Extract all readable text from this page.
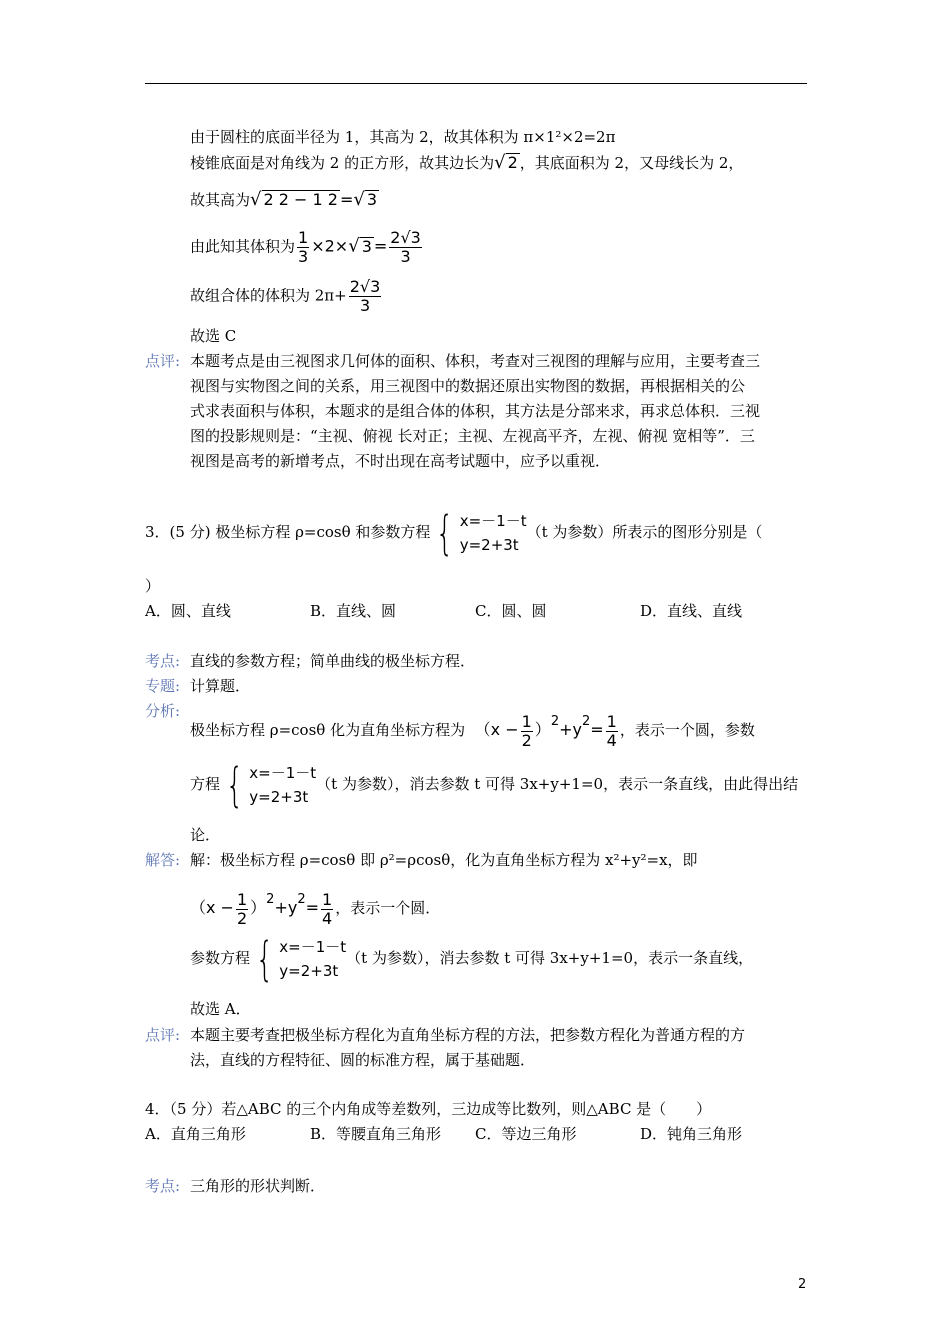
由于圆柱的底面半径为 1，其高为 2，故其体积为 π×1²×2=2π
棱锥底面是对角线为 2 的正方形，故其边长为√ 2 ，其底面积为 2，又母线长为 2，
故其高为√ 2 2 − 1 2 =√ 3
由此知其体积为 $\frac{1}{3} \times 2\times√$ $3 = \frac{2√3}{3}$
故组合体的体积为 $2\pi+ \frac{2√3}{3}$
故选 C
点评: 本题考点是由三视图求几何体的面积、体积，考查对三视图的理解与应用，主要考查三
视图与实物图之间的关系，用三视图中的数据还原出实物图的数据，再根据相关的公
式求表面积与体积，本题求的是组合体的体积，其方法是分部来求，再求总体积．三视
图的投影规则是：“主视、俯视 长对正；主视、左视高平齐，左视、俯视 宽相等”．三
视图是高考的新增考点，不时出现在高考试题中，应予以重视．
3．(5 分) 极坐标方程 ρ=cosθ 和参数方程 { x=－1－t
y=2+3t
（t 为参数）所表示的图形分别是（
）
A．圆、直线	B．直线、圆	C．圆、圆	D．直线、直线
考点: 直线的参数方程；简单曲线的极坐标方程．
专题: 计算题．
分析:
极坐标方程 ρ=cosθ 化为直角坐标方程为 $(x - \frac{1}{2} )2+y2= \frac{1}{4}$ ，表示一个圆，参数
方程 { x=－1－t
y=2+3t
（t 为参数），消去参数 t 可得 3x+y+1=0，表示一条直线，由此得出结
论．
解答: 解：极坐标方程 ρ=cosθ 即 ρ²=ρcosθ，化为直角坐标方程为 x²+y²=x，即
$(x - \frac{1}{2} )2+y2= \frac{1}{4}$ ，表示一个圆．
参数方程 { x=－1－t
y=2+3t
（t 为参数），消去参数 t 可得 3x+y+1=0，表示一条直线，
故选 A．
点评: 本题主要考查把极坐标方程化为直角坐标方程的方法，把参数方程化为普通方程的方
法，直线的方程特征、圆的标准方程，属于基础题．
4．（5 分）若△ABC 的三个内角成等差数列，三边成等比数列，则△ABC 是（　　）
A．直角三角形	B．等腰直角三角形 C．等边三角形	D．钝角三角形
考点: 三角形的形状判断．
2
